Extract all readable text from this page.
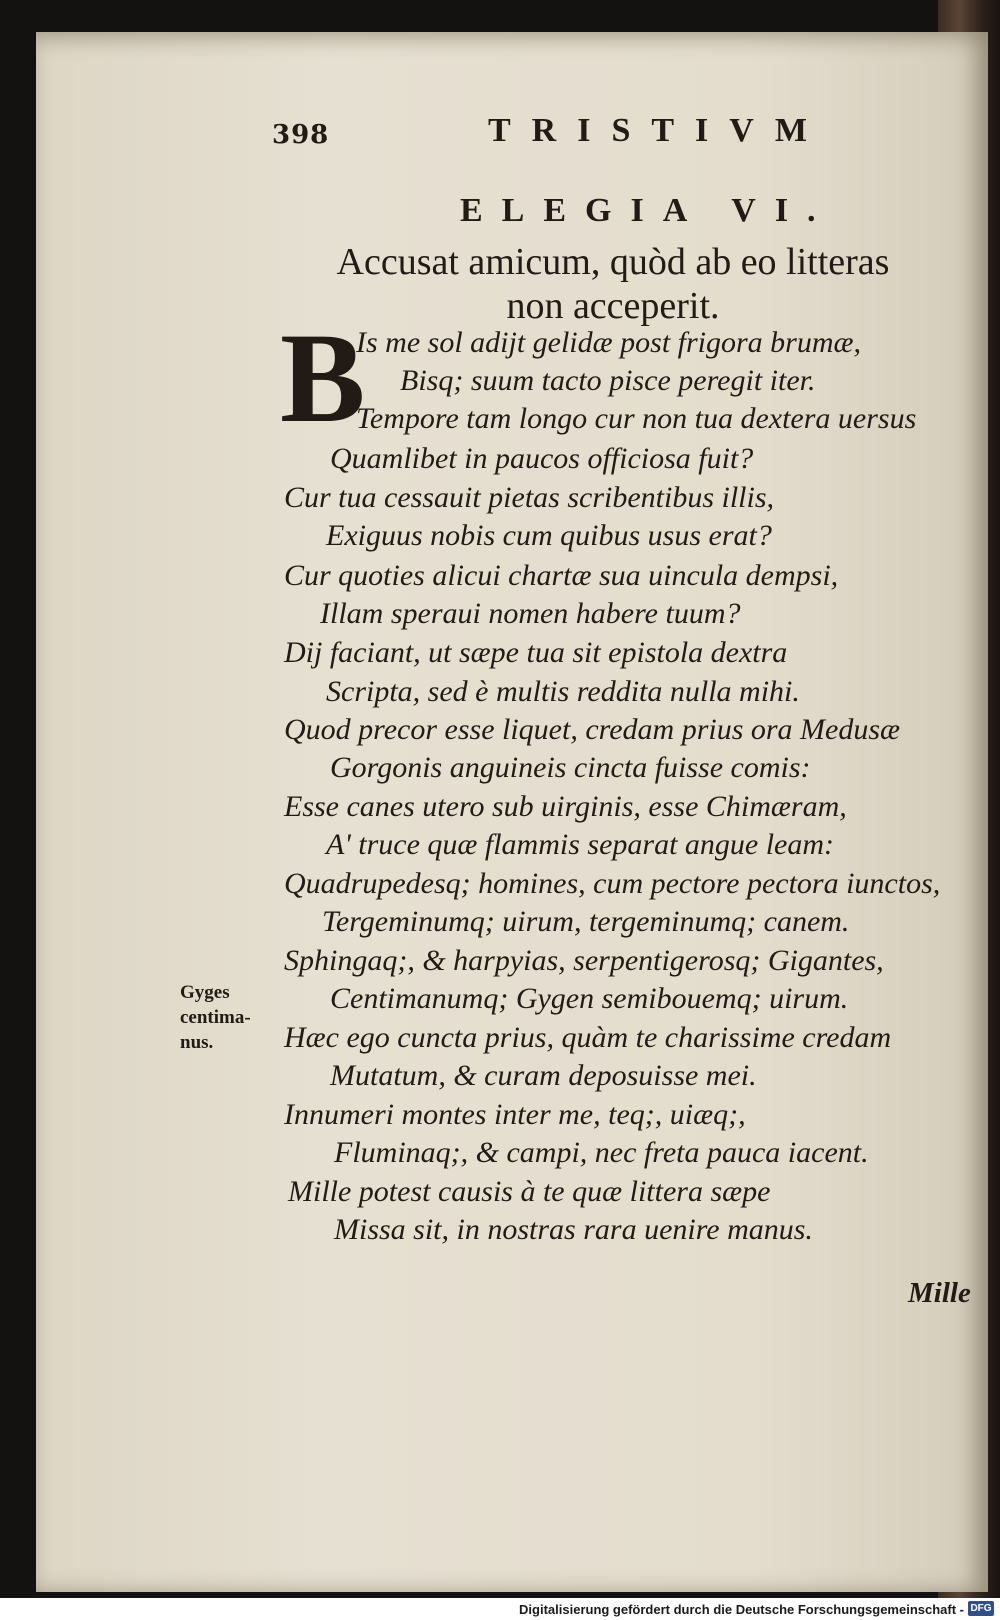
398	TRISTIVM
ELEGIA VI.
Accusat amicum, quòd ab eo litteras
non acceperit.
B
Is me sol adijt gelidæ post frigora brumæ,
Bisq; suum tacto pisce peregit iter.
Tempore tam longo cur non tua dextera uersus
Quamlibet in paucos officiosa fuit?
Cur tua cessauit pietas scribentibus illis,
Exiguus nobis cum quibus usus erat?
Cur quoties alicui chartæ sua uincula dempsi,
Illam speraui nomen habere tuum?
Dij faciant, ut sæpe tua sit epistola dextra
Scripta, sed è multis reddita nulla mihi.
Quod precor esse liquet, credam prius ora Medusæ
Gorgonis anguineis cincta fuisse comis:
Esse canes utero sub uirginis, esse Chimæram,
A' truce quæ flammis separat angue leam:
Quadrupedesq; homines, cum pectore pectora iunctos,
Tergeminumq; uirum, tergeminumq; canem.
Sphingaq;, & harpyias, serpentigerosq; Gigantes,
Centimanumq; Gygen semibouemq; uirum.
Hæc ego cuncta prius, quàm te charissime credam
Mutatum, & curam deposuisse mei.
Innumeri montes inter me, teq;, uiæq;,
Fluminaq;, & campi, nec freta pauca iacent.
Mille potest causis à te quæ littera sæpe
Missa sit, in nostras rara uenire manus.
Gyges
centima-
nus.
Mille
Digitalisierung gefördert durch die Deutsche Forschungsgemeinschaft - DFG
